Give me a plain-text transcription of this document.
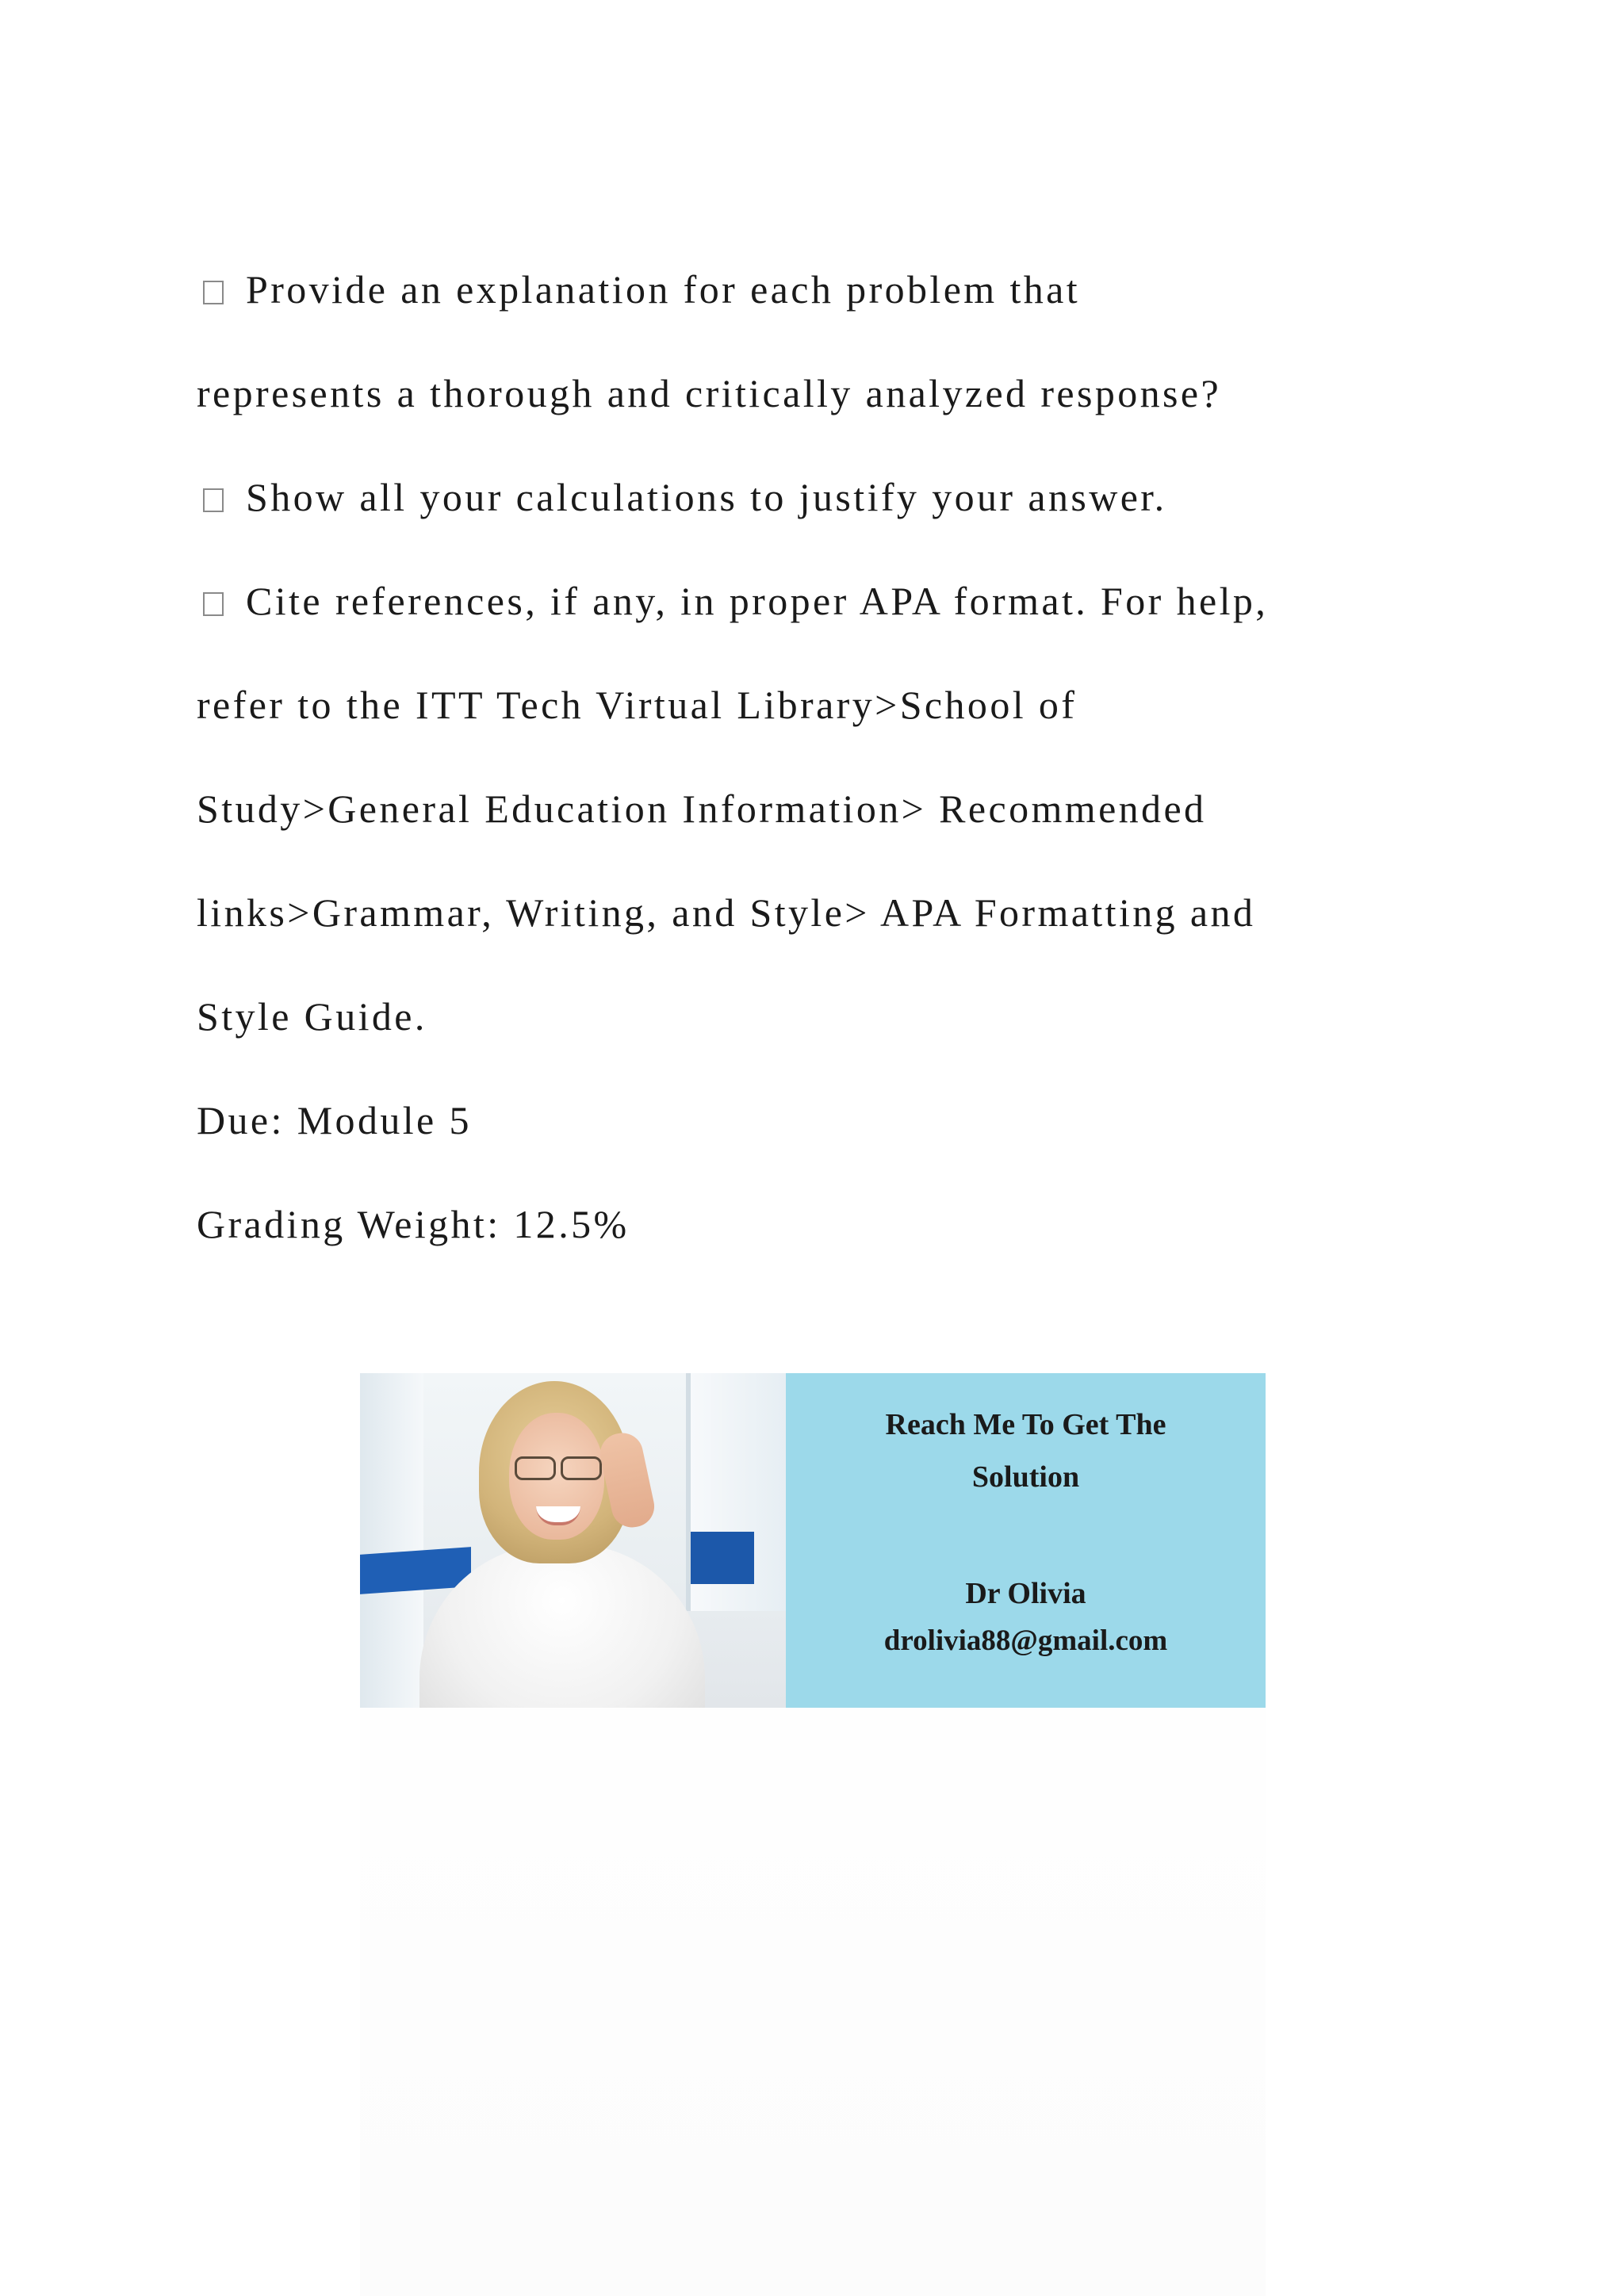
Provide an explanation for each problem that
represents a thorough and critically analyzed response?
Show all your calculations to justify your answer.
Cite references, if any, in proper APA format. For help,
refer to the ITT Tech Virtual Library>School of
Study>General Education Information> Recommended
links>Grammar, Writing, and Style> APA Formatting and
Style Guide.
Due: Module 5
Grading Weight: 12.5%
Reach Me To Get The
Solution
Dr Olivia
drolivia88@gmail.com
